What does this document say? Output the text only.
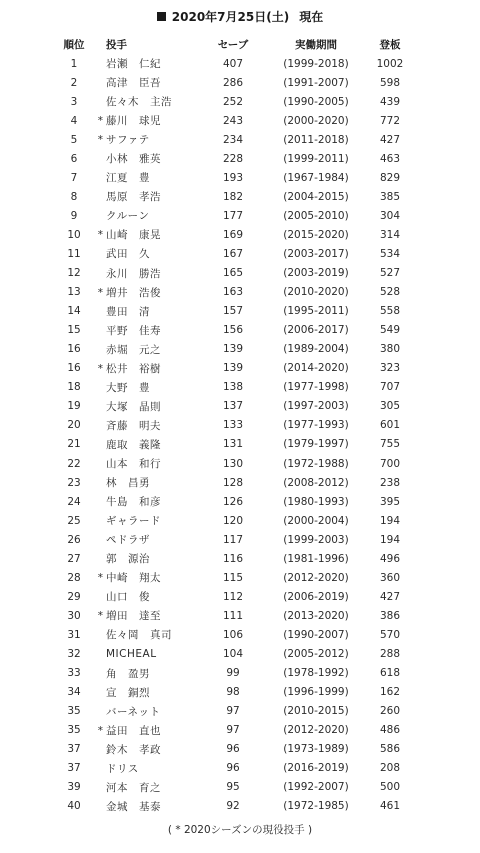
2020年7月25日(土) 現在
順位	投手	セーブ	実働期間	登板
1	岩瀬　仁紀	407	(1999-2018)	1002
2	高津　臣吾	286	(1991-2007)	598
3	佐々木　主浩	252	(1990-2005)	439
4	* 藤川　球児	243	(2000-2020)	772
5	* サファテ	234	(2011-2018)	427
6	小林　雅英	228	(1999-2011)	463
7	江夏　豊	193	(1967-1984)	829
8	馬原　孝浩	182	(2004-2015)	385
9	クルーン	177	(2005-2010)	304
10	* 山崎　康晃	169	(2015-2020)	314
11	武田　久	167	(2003-2017)	534
12	永川　勝浩	165	(2003-2019)	527
13	* 増井　浩俊	163	(2010-2020)	528
14	豊田　清	157	(1995-2011)	558
15	平野　佳寿	156	(2006-2017)	549
16	赤堀　元之	139	(1989-2004)	380
16	* 松井　裕樹	139	(2014-2020)	323
18	大野　豊	138	(1977-1998)	707
19	大塚　晶則	137	(1997-2003)	305
20	斉藤　明夫	133	(1977-1993)	601
21	鹿取　義隆	131	(1979-1997)	755
22	山本　和行	130	(1972-1988)	700
23	林　昌勇	128	(2008-2012)	238
24	牛島　和彦	126	(1980-1993)	395
25	ギャラード	120	(2000-2004)	194
26	ペドラザ	117	(1999-2003)	194
27	郭　源治	116	(1981-1996)	496
28	* 中崎　翔太	115	(2012-2020)	360
29	山口　俊	112	(2006-2019)	427
30	* 増田　達至	111	(2013-2020)	386
31	佐々岡　真司	106	(1990-2007)	570
32	MICHEAL	104	(2005-2012)	288
33	角　盈男	99	(1978-1992)	618
34	宣　銅烈	98	(1996-1999)	162
35	バーネット	97	(2010-2015)	260
35	* 益田　直也	97	(2012-2020)	486
37	鈴木　孝政	96	(1973-1989)	586
37	ドリス	96	(2016-2019)	208
39	河本　育之	95	(1992-2007)	500
40	金城　基泰	92	(1972-1985)	461
( * 2020シーズンの現役投手 )
